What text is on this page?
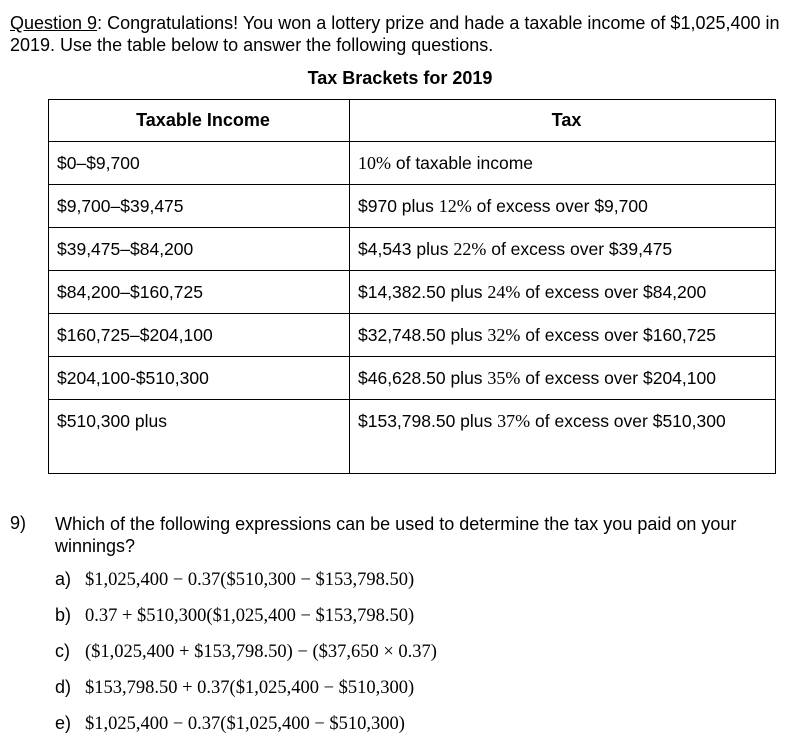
Question 9: Congratulations! You won a lottery prize and hade a taxable income of $1,025,400 in 2019. Use the table below to answer the following questions.
Tax Brackets for 2019
Taxable Income	Tax
$0–$9,700	10% of taxable income
$9,700–$39,475	$970 plus 12% of excess over $9,700
$39,475–$84,200	$4,543 plus 22% of excess over $39,475
$84,200–$160,725	$14,382.50 plus 24% of excess over $84,200
$160,725–$204,100	$32,748.50 plus 32% of excess over $160,725
$204,100-$510,300	$46,628.50 plus 35% of excess over $204,100
$510,300 plus	$153,798.50 plus 37% of excess over $510,300
9) Which of the following expressions can be used to determine the tax you paid on your winnings?
a) $1,025,400 − 0.37($510,300 − $153,798.50)
b) 0.37 + $510,300($1,025,400 − $153,798.50)
c) ($1,025,400 + $153,798.50) − ($37,650 × 0.37)
d) $153,798.50 + 0.37($1,025,400 − $510,300)
e) $1,025,400 − 0.37($1,025,400 − $510,300)
